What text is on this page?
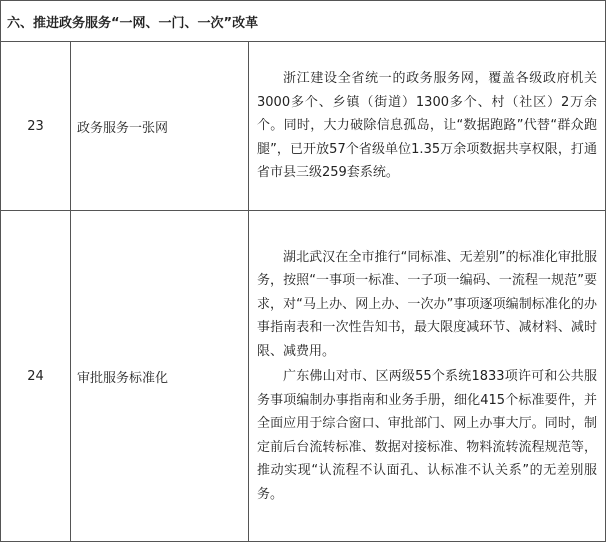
六、推进政务服务“一网、一门、一次”改革		
23	政务服务一张网	浙江建设全省统一的政务服务网，覆盖各级政府机关3000多个、乡镇（街道）1300多个、村（社区）2万余个。同时，大力破除信息孤岛，让“数据跑路”代替“群众跑腿”，已开放57个省级单位1.35万余项数据共享权限，打通省市县三级259套系统。

24	审批服务标准化	湖北武汉在全市推行“同标准、无差别”的标准化审批服务，按照“一事项一标准、一子项一编码、一流程一规范”要求，对“马上办、网上办、一次办”事项逐项编制标准化的办事指南表和一次性告知书，最大限度减环节、减材料、减时限、减费用。

广东佛山对市、区两级55个系统1833项许可和公共服务事项编制办事指南和业务手册，细化415个标准要件，并全面应用于综合窗口、审批部门、网上办事大厅。同时，制定前后台流转标准、数据对接标准、物料流转流程规范等，推动实现“认流程不认面孔、认标准不认关系”的无差别服务。
